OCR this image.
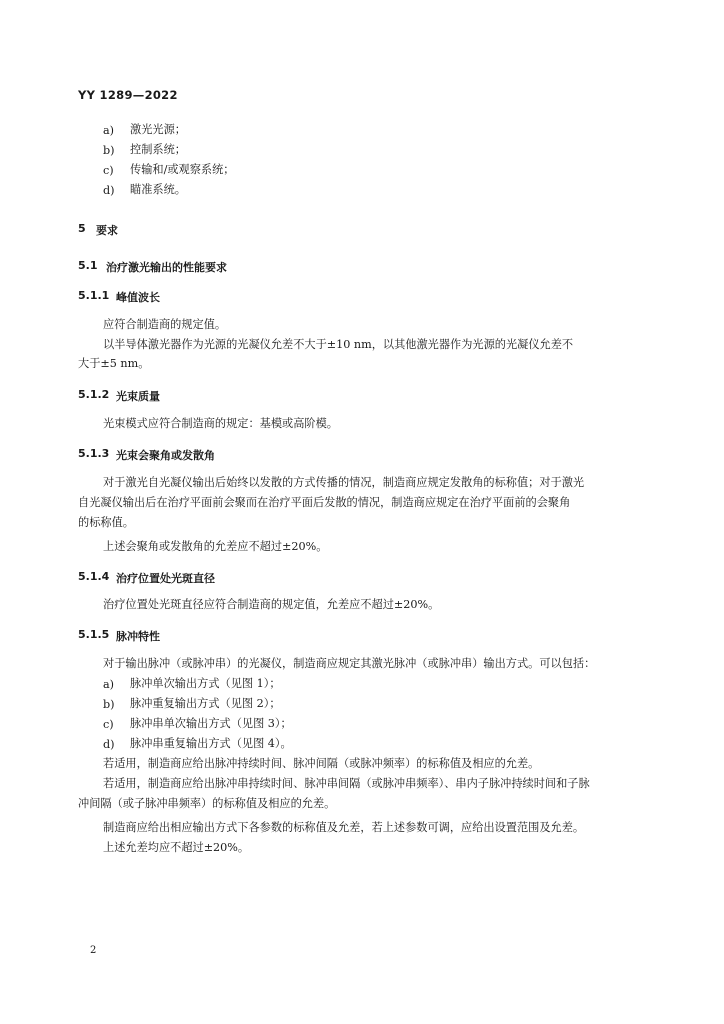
YY 1289—2022
a) 激光光源；
b) 控制系统；
c) 传输和/或观察系统；
d) 瞄准系统。
5 要求
5.1 治疗激光输出的性能要求
5.1.1 峰值波长
应符合制造商的规定值。
以半导体激光器作为光源的光凝仪允差不大于±10 nm，以其他激光器作为光源的光凝仪允差不
大于±5 nm。
5.1.2 光束质量
光束模式应符合制造商的规定：基模或高阶模。
5.1.3 光束会聚角或发散角
对于激光自光凝仪输出后始终以发散的方式传播的情况，制造商应规定发散角的标称值；对于激光
自光凝仪输出后在治疗平面前会聚而在治疗平面后发散的情况，制造商应规定在治疗平面前的会聚角
的标称值。
上述会聚角或发散角的允差应不超过±20%。
5.1.4 治疗位置处光斑直径
治疗位置处光斑直径应符合制造商的规定值，允差应不超过±20%。
5.1.5 脉冲特性
对于输出脉冲（或脉冲串）的光凝仪，制造商应规定其激光脉冲（或脉冲串）输出方式。可以包括：
a) 脉冲单次输出方式（见图 1）；
b) 脉冲重复输出方式（见图 2）；
c) 脉冲串单次输出方式（见图 3）；
d) 脉冲串重复输出方式（见图 4）。
若适用，制造商应给出脉冲持续时间、脉冲间隔（或脉冲频率）的标称值及相应的允差。
若适用，制造商应给出脉冲串持续时间、脉冲串间隔（或脉冲串频率）、串内子脉冲持续时间和子脉
冲间隔（或子脉冲串频率）的标称值及相应的允差。
制造商应给出相应输出方式下各参数的标称值及允差，若上述参数可调，应给出设置范围及允差。
上述允差均应不超过±20%。
2
